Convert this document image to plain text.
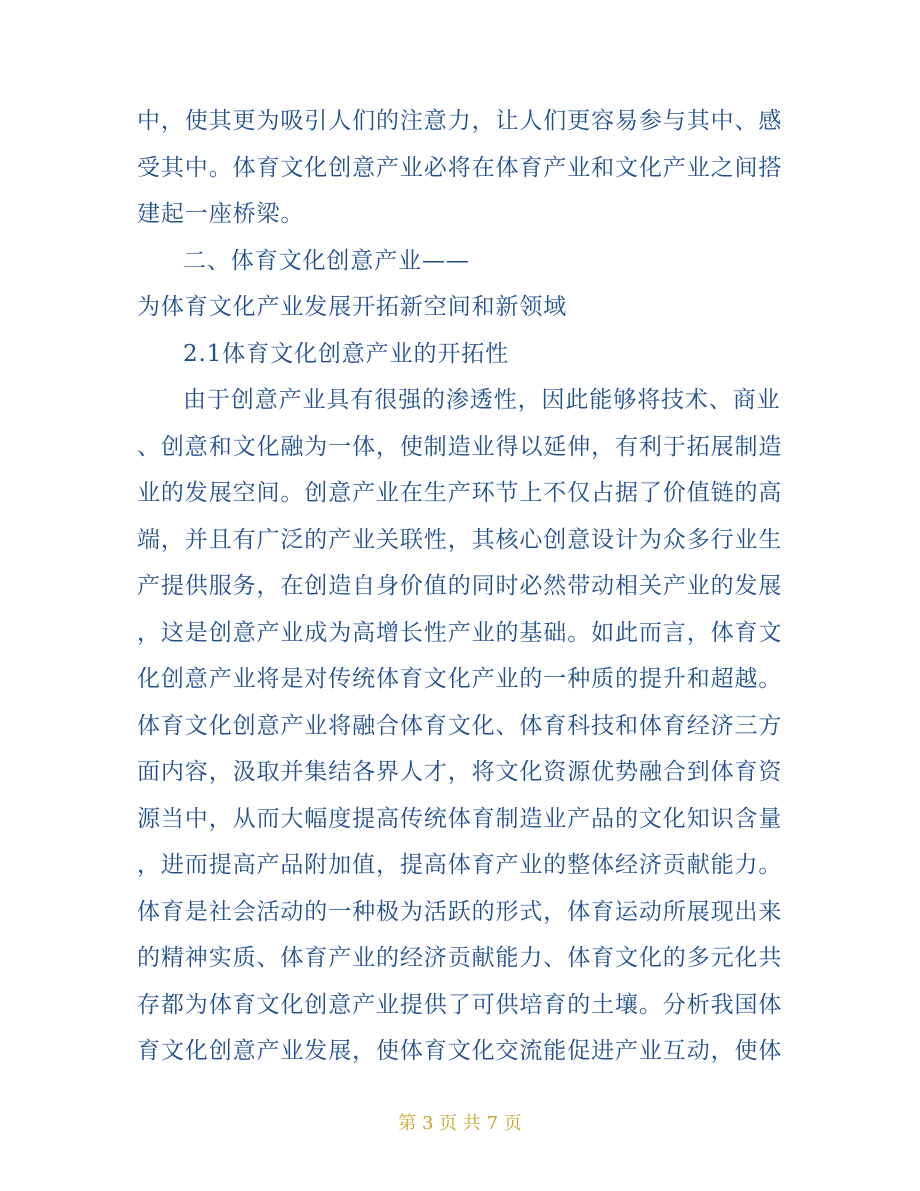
中，使其更为吸引人们的注意力，让人们更容易参与其中、感
受其中。体育文化创意产业必将在体育产业和文化产业之间搭
建起一座桥梁。
二、体育文化创意产业——
为体育文化产业发展开拓新空间和新领域
2.1体育文化创意产业的开拓性
由于创意产业具有很强的渗透性，因此能够将技术、商业
、创意和文化融为一体，使制造业得以延伸，有利于拓展制造
业的发展空间。创意产业在生产环节上不仅占据了价值链的高
端，并且有广泛的产业关联性，其核心创意设计为众多行业生
产提供服务，在创造自身价值的同时必然带动相关产业的发展
，这是创意产业成为高增长性产业的基础。如此而言，体育文
化创意产业将是对传统体育文化产业的一种质的提升和超越。
体育文化创意产业将融合体育文化、体育科技和体育经济三方
面内容，汲取并集结各界人才，将文化资源优势融合到体育资
源当中，从而大幅度提高传统体育制造业产品的文化知识含量
，进而提高产品附加值，提高体育产业的整体经济贡献能力。
体育是社会活动的一种极为活跃的形式，体育运动所展现出来
的精神实质、体育产业的经济贡献能力、体育文化的多元化共
存都为体育文化创意产业提供了可供培育的土壤。分析我国体
育文化创意产业发展，使体育文化交流能促进产业互动，使体
第 3 页 共 7 页
